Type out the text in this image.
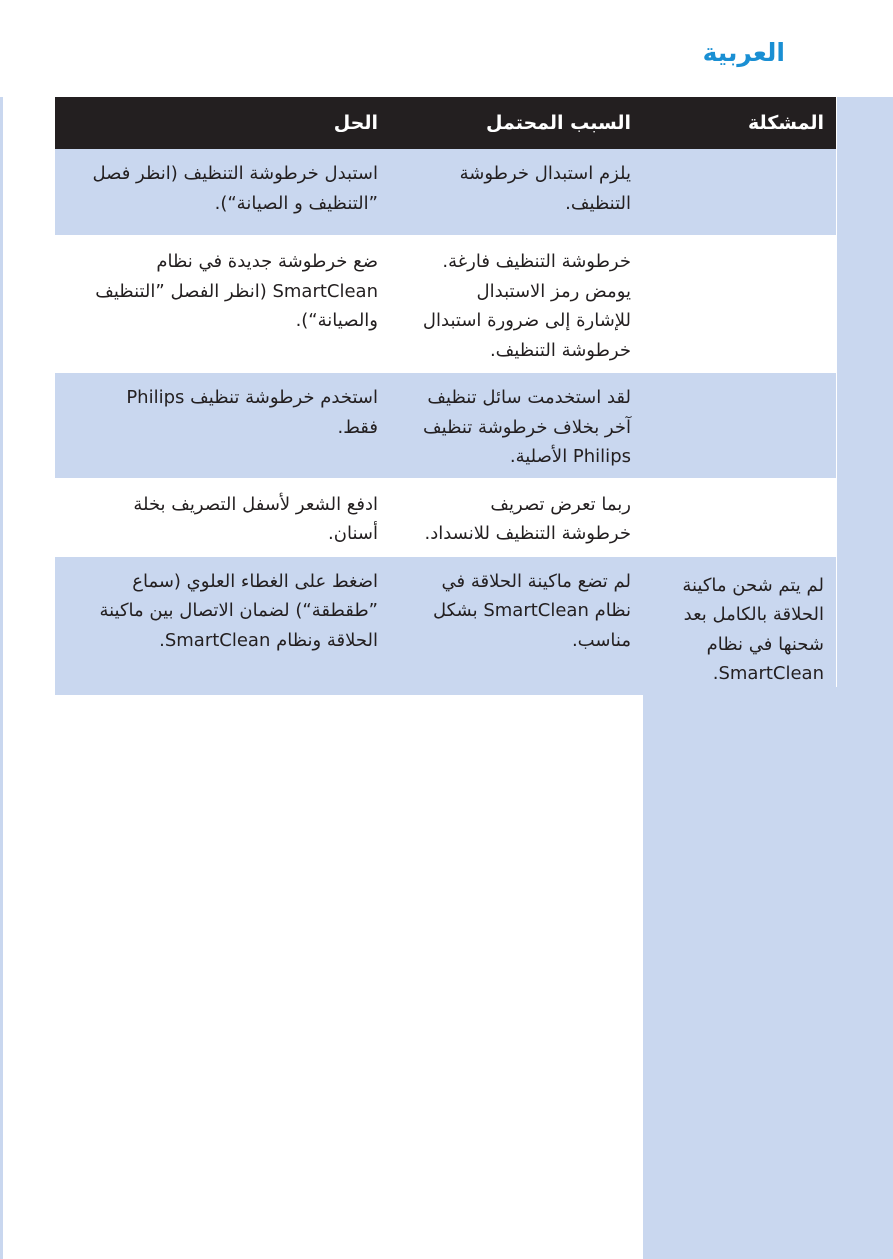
العربية
المشكلة	السبب المحتمل	الحل
	يلزم استبدال خرطوشة
التنظيف.	استبدل خرطوشة التنظيف (انظر فصل
”التنظيف و الصيانة“).
	خرطوشة التنظيف فارغة.
يومض رمز الاستبدال
للإشارة إلى ضرورة استبدال
خرطوشة التنظيف.	ضع خرطوشة جديدة في نظام
SmartClean (انظر الفصل ”التنظيف
والصيانة“).
	لقد استخدمت سائل تنظيف
آخر بخلاف خرطوشة تنظيف
Philips الأصلية.	استخدم خرطوشة تنظيف Philips
فقط.
	ربما تعرض تصريف
خرطوشة التنظيف للانسداد.	ادفع الشعر لأسفل التصريف بخلة
أسنان.
لم يتم شحن ماكينة
الحلاقة بالكامل بعد
شحنها في نظام
SmartClean.	لم تضع ماكينة الحلاقة في
نظام SmartClean بشكل
مناسب.	اضغط على الغطاء العلوي (سماع
”طقطقة“) لضمان الاتصال بين ماكينة
الحلاقة ونظام SmartClean.
